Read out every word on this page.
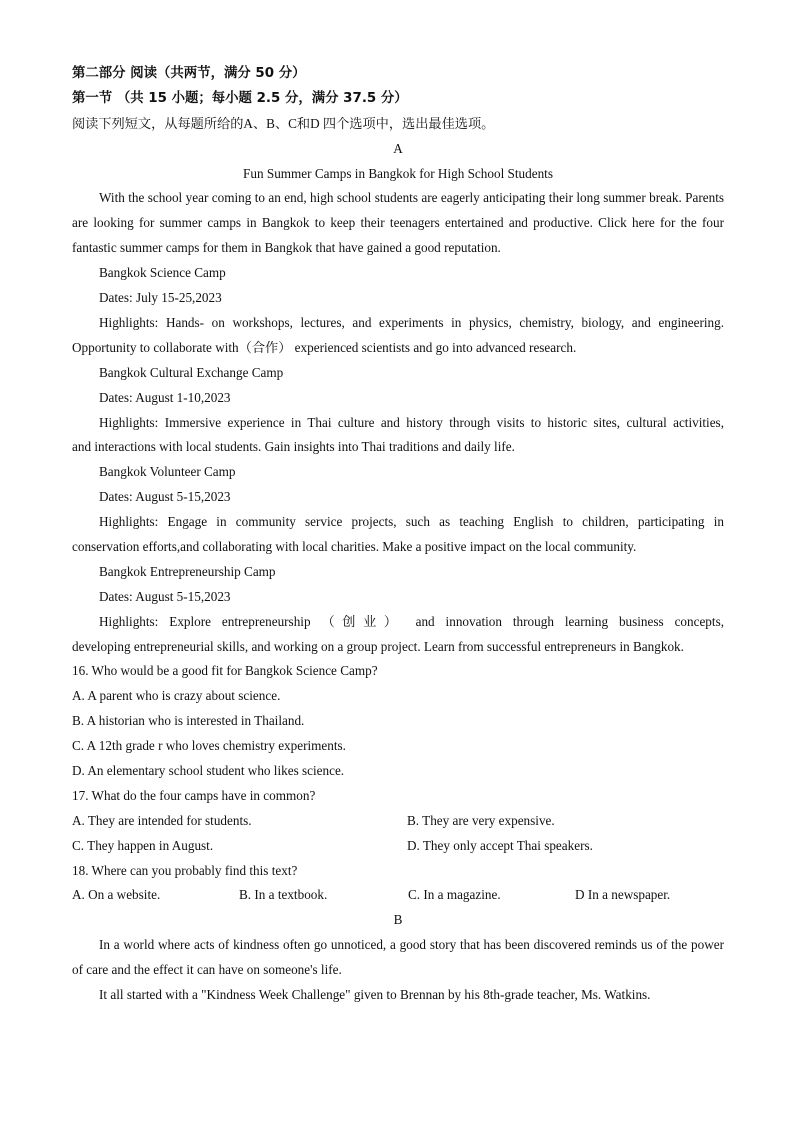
第二部分 阅读（共两节，满分 50 分）
第一节 （共 15 小题；每小题 2.5 分，满分 37.5 分）
阅读下列短文，从每题所给的A、B、C和D 四个选项中，选出最佳选项。
A
Fun Summer Camps in Bangkok for High School Students
With the school year coming to an end, high school students are eagerly anticipating their long summer break. Parents are looking for summer camps in Bangkok to keep their teenagers entertained and productive. Click here for the four fantastic summer camps for them in Bangkok that have gained a good reputation.
Bangkok Science Camp
Dates: July 15-25,2023
Highlights: Hands- on workshops, lectures, and experiments in physics, chemistry, biology, and engineering.
Opportunity to collaborate with（合作） experienced scientists and go into advanced research.
Bangkok Cultural Exchange Camp
Dates: August 1-10,2023
Highlights: Immersive experience in Thai culture and history through visits to historic sites, cultural activities,
and interactions with local students. Gain insights into Thai traditions and daily life.
Bangkok Volunteer Camp
Dates: August 5-15,2023
Highlights: Engage in community service projects, such as teaching English to children, participating in
conservation efforts,and collaborating with local charities. Make a positive impact on the local community.
Bangkok Entrepreneurship Camp
Dates: August 5-15,2023
Highlights: Explore entrepreneurship （创业） and innovation through learning business concepts,
developing entrepreneurial skills, and working on a group project. Learn from successful entrepreneurs in Bangkok.
16. Who would be a good fit for Bangkok Science Camp?
A. A parent who is crazy about science.
B. A historian who is interested in Thailand.
C. A 12th grade r who loves chemistry experiments.
D. An elementary school student who likes science.
17. What do the four camps have in common?
A. They are intended for students.	B. They are very expensive.
C. They happen in August.	D. They only accept Thai speakers.
18. Where can you probably find this text?
A. On a website.	B. In a textbook.	C. In a magazine.	D In a newspaper.
B
In a world where acts of kindness often go unnoticed, a good story that has been discovered reminds us of the power of care and the effect it can have on someone's life.
It all started with a "Kindness Week Challenge" given to Brennan by his 8th-grade teacher, Ms. Watkins.
